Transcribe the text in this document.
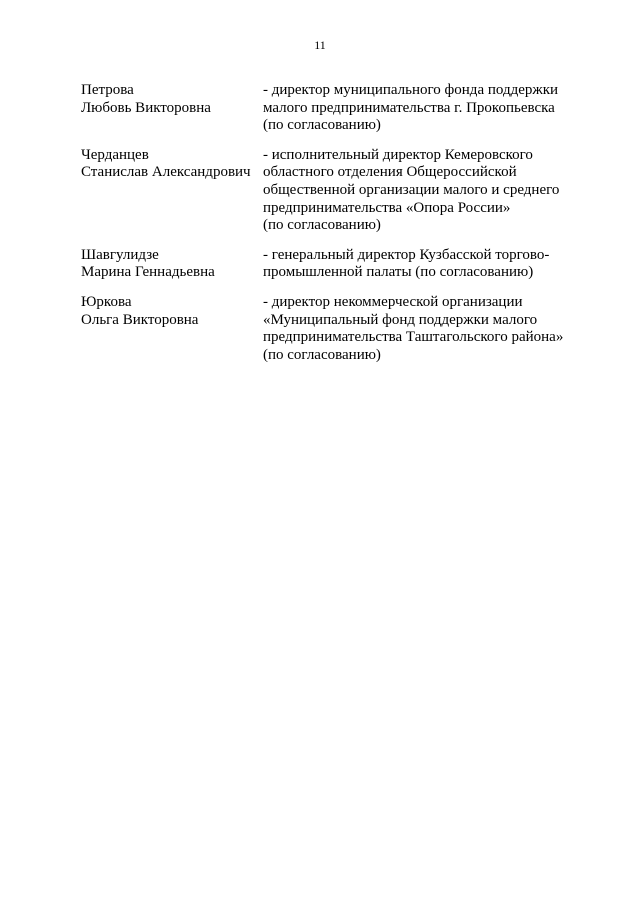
11
Петрова
Любовь Викторовна
- директор муниципального фонда поддержки
малого предпринимательства г. Прокопьевска
(по согласованию)
Черданцев
Станислав Александрович
- исполнительный директор Кемеровского
областного отделения Общероссийской
общественной организации малого и среднего
предпринимательства «Опора России»
(по согласованию)
Шавгулидзе
Марина Геннадьевна
- генеральный директор Кузбасской торгово-
промышленной палаты (по согласованию)
Юркова
Ольга Викторовна
- директор некоммерческой организации
«Муниципальный фонд поддержки малого
предпринимательства Таштагольского района»
(по согласованию)
